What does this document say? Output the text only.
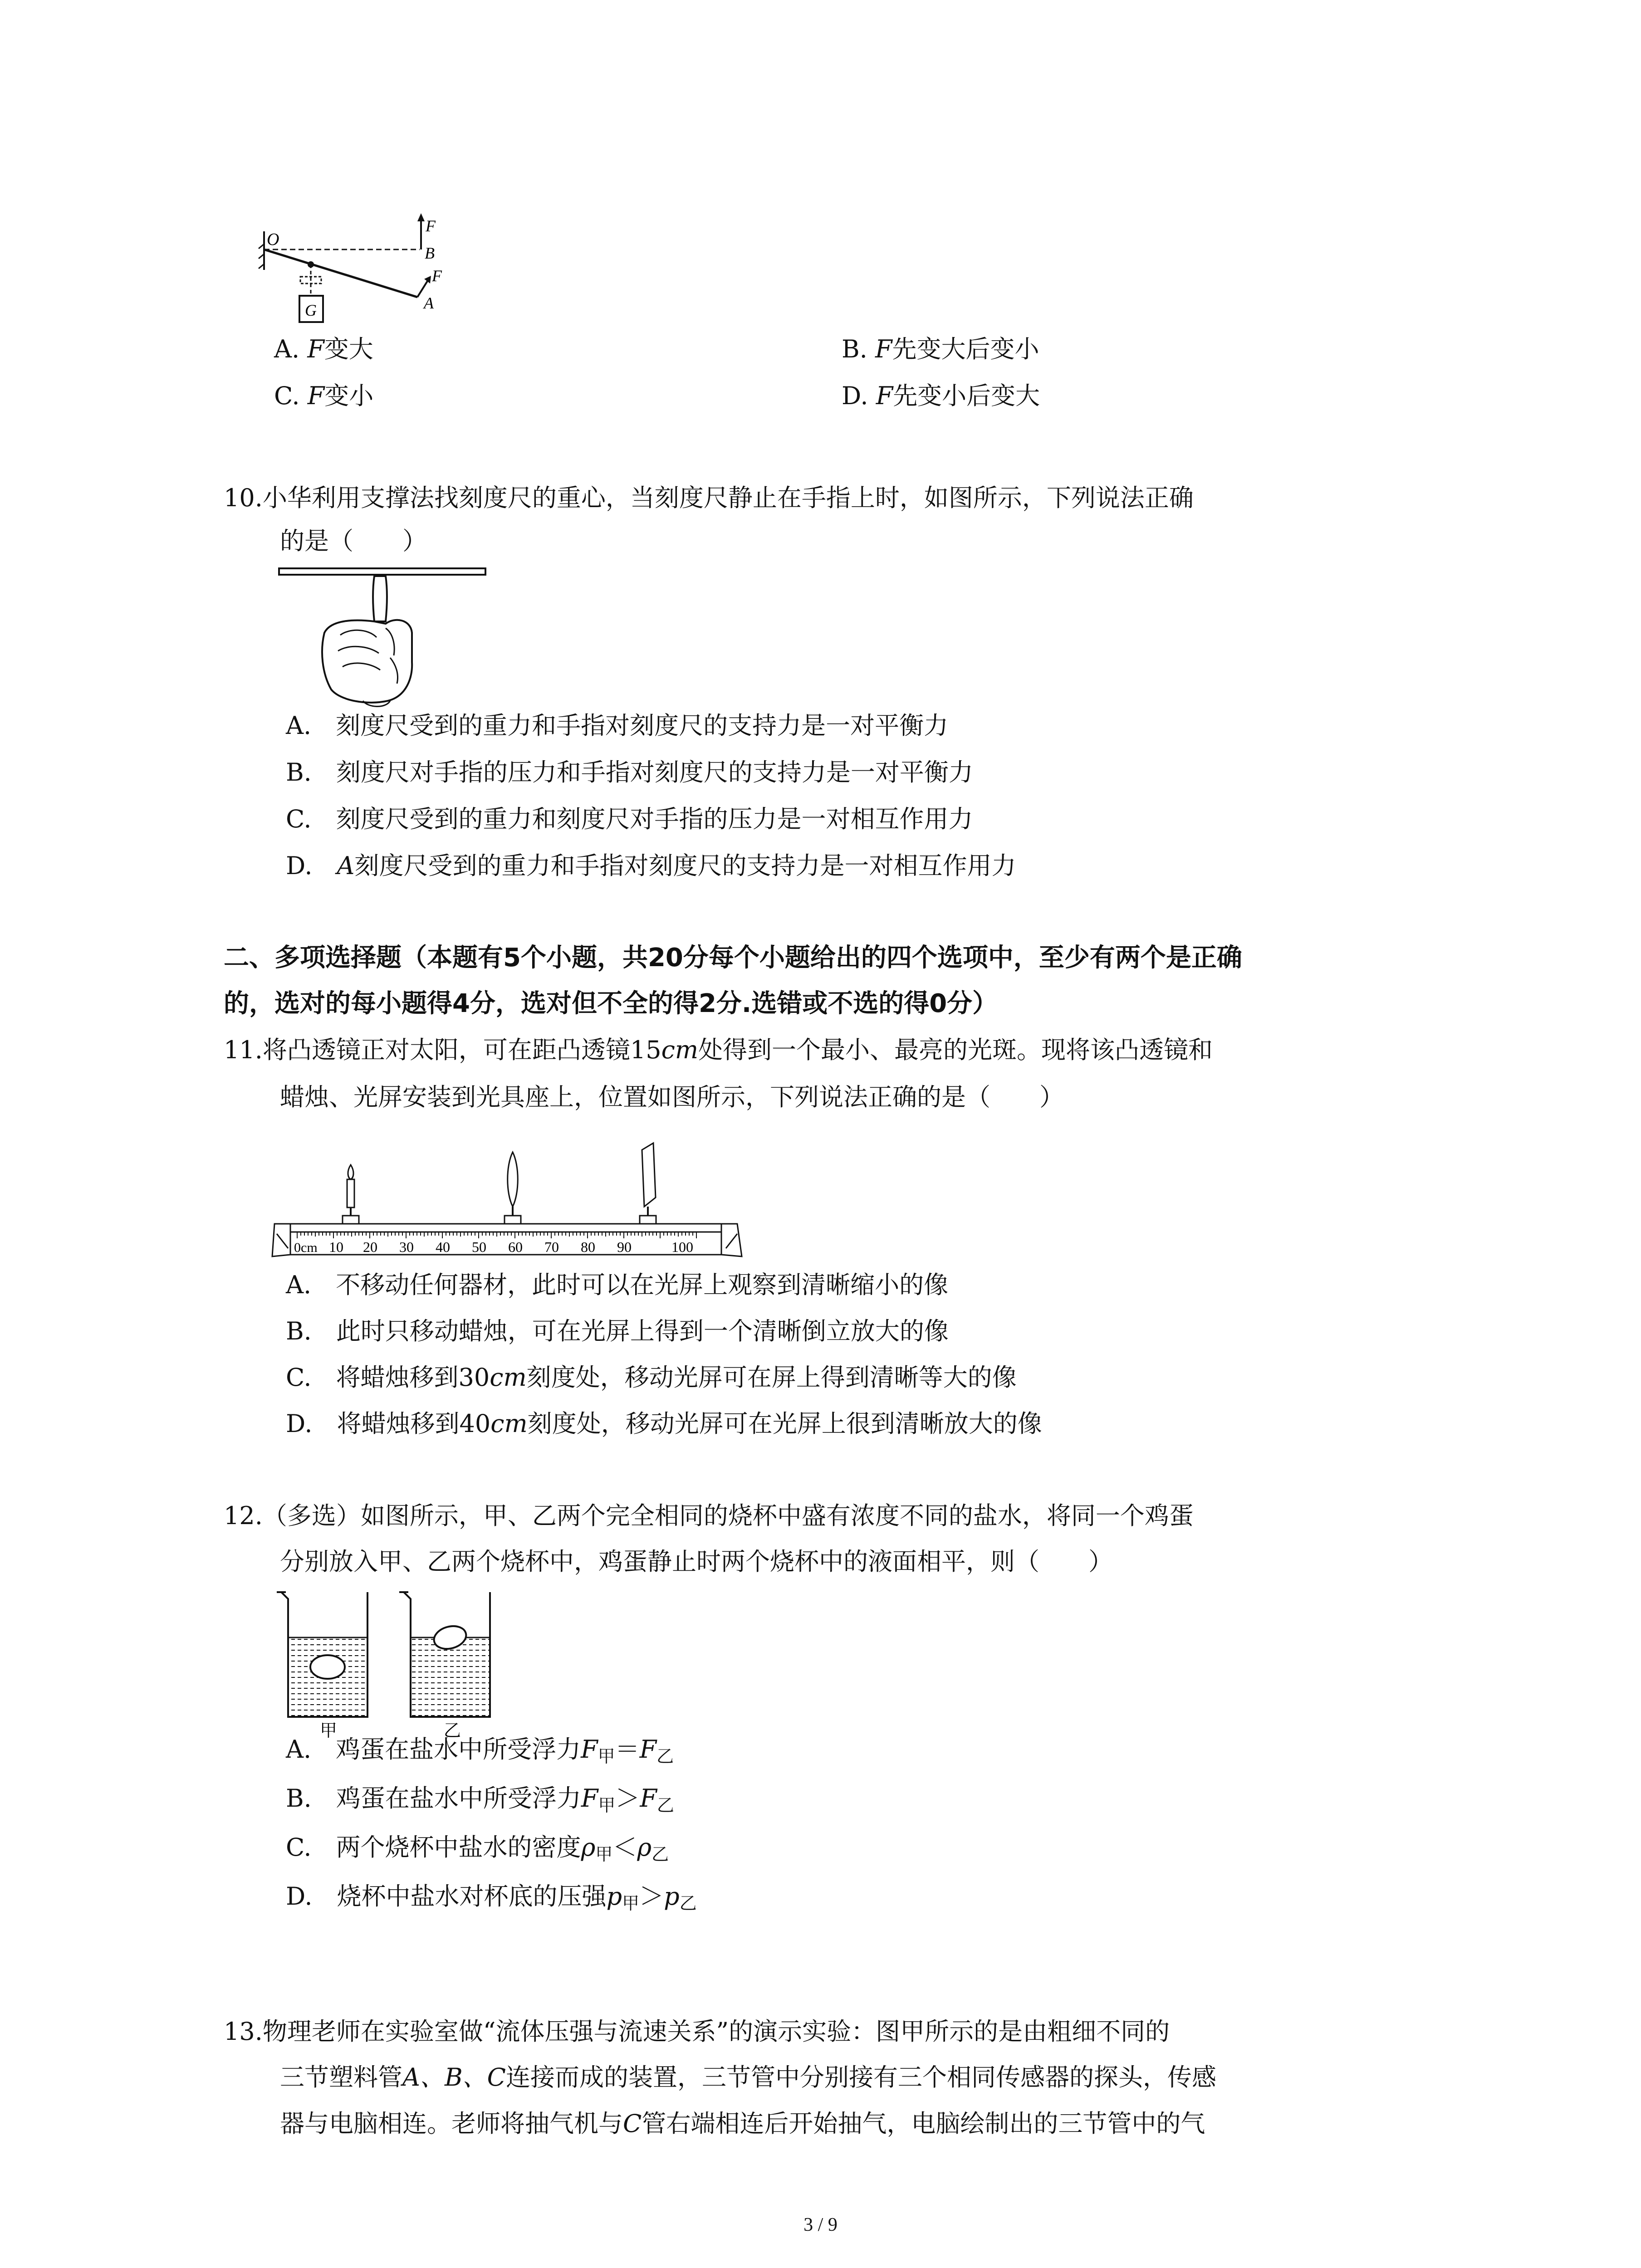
O
F
B
F
A
G
A. F变大	B. F先变大后变小
C. F变小	D. F先变小后变大
10.小华利用支撑法找刻度尺的重心，当刻度尺静止在手指上时，如图所示，下列说法正确
的是（　　）
A.　 刻度尺受到的重力和手指对刻度尺的支持力是一对平衡力
B.　 刻度尺对手指的压力和手指对刻度尺的支持力是一对平衡力
C.　 刻度尺受到的重力和刻度尺对手指的压力是一对相互作用力
D.　 A刻度尺受到的重力和手指对刻度尺的支持力是一对相互作用力
二、多项选择题（本题有5个小题，共20分每个小题给出的四个选项中，至少有两个是正确
的，选对的每小题得4分，选对但不全的得2分.选错或不选的得0分）
11.将凸透镜正对太阳，可在距凸透镜15cm处得到一个最小、最亮的光斑。现将该凸透镜和
蜡烛、光屏安装到光具座上，位置如图所示，下列说法正确的是（　　）
0cm 10 20 30 40 50 60 70 80 90	100
A.　 不移动任何器材，此时可以在光屏上观察到清晰缩小的像
B.　 此时只移动蜡烛，可在光屏上得到一个清晰倒立放大的像
C.　 将蜡烛移到30cm刻度处，移动光屏可在屏上得到清晰等大的像
D.　 将蜡烛移到40cm刻度处，移动光屏可在光屏上很到清晰放大的像
12.（多选）如图所示，甲、乙两个完全相同的烧杯中盛有浓度不同的盐水，将同一个鸡蛋
分别放入甲、乙两个烧杯中，鸡蛋静止时两个烧杯中的液面相平，则（　　）
甲	乙
A.　 鸡蛋在盐水中所受浮力$F_甲=F_乙$
B.　 鸡蛋在盐水中所受浮力$F_甲>F_乙$
C.　 两个烧杯中盐水的密度$\rho_甲<\rho_乙$
D.　 烧杯中盐水对杯底的压强$p_甲>p_乙$
13.物理老师在实验室做“流体压强与流速关系”的演示实验：图甲所示的是由粗细不同的
三节塑料管A、B、C连接而成的装置，三节管中分别接有三个相同传感器的探头，传感
器与电脑相连。老师将抽气机与C管右端相连后开始抽气，电脑绘制出的三节管中的气
3 / 9
